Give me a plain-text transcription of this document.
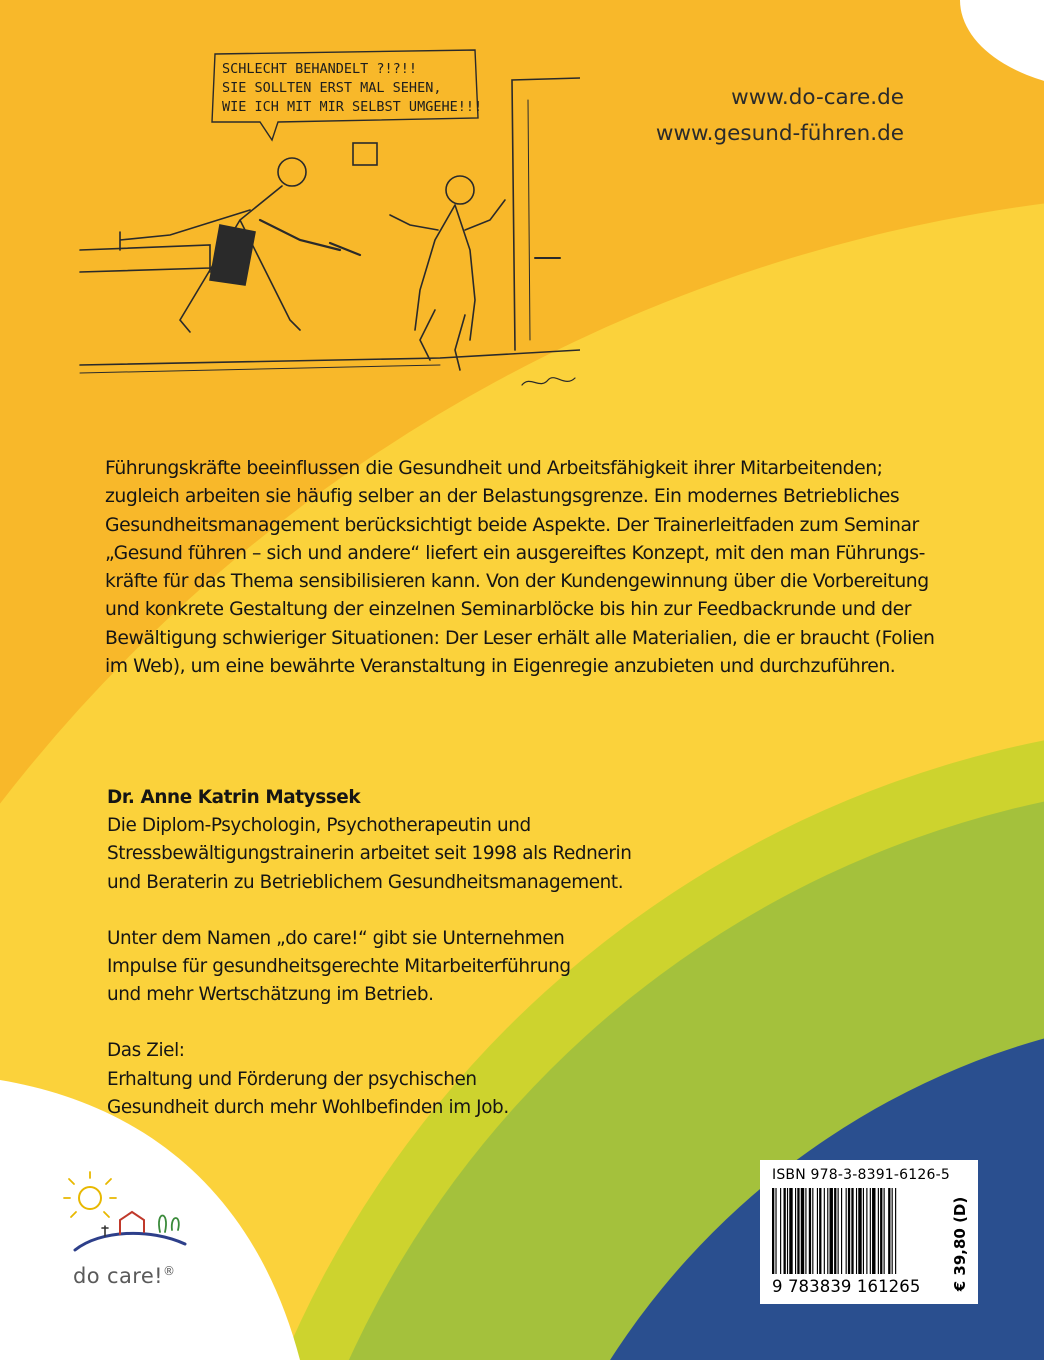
SCHLECHT BEHANDELT ?!?!!
SIE SOLLTEN ERST MAL SEHEN,
WIE ICH MIT MIR SELBST UMGEHE!!!	www.do-care.de
www.gesund-führen.de

Führungskräfte beeinflussen die Gesundheit und Arbeitsfähigkeit ihrer Mitarbeitenden;

zugleich arbeiten sie häufig selber an der Belastungsgrenze. Ein modernes Betriebliches

Gesundheitsmanagement berücksichtigt beide Aspekte. Der Trainerleitfaden zum Seminar

„Gesund führen – sich und andere“ liefert ein ausgereiftes Konzept, mit den man Führungs-

kräfte für das Thema sensibilisieren kann. Von der Kundengewinnung über die Vorbereitung

und konkrete Gestaltung der einzelnen Seminarblöcke bis hin zur Feedbackrunde und der

Bewältigung schwieriger Situationen: Der Leser erhält alle Materialien, die er braucht (Folien

im Web), um eine bewährte Veranstaltung in Eigenregie anzubieten und durchzuführen.

Dr. Anne Katrin Matyssek

Die Diplom-Psychologin, Psychotherapeutin und

Stressbewältigungstrainerin arbeitet seit 1998 als Rednerin

und Beraterin zu Betrieblichem Gesundheitsmanagement.

Unter dem Namen „do care!“ gibt sie Unternehmen

Impulse für gesundheitsgerechte Mitarbeiterführung

und mehr Wertschätzung im Betrieb.

Das Ziel:

Erhaltung und Förderung der psychischen

Gesundheit durch mehr Wohlbefinden im Job.

do care!®
ISBN 978-3-8391-6126-5
9 783839 161265 € 39,80 (D)
